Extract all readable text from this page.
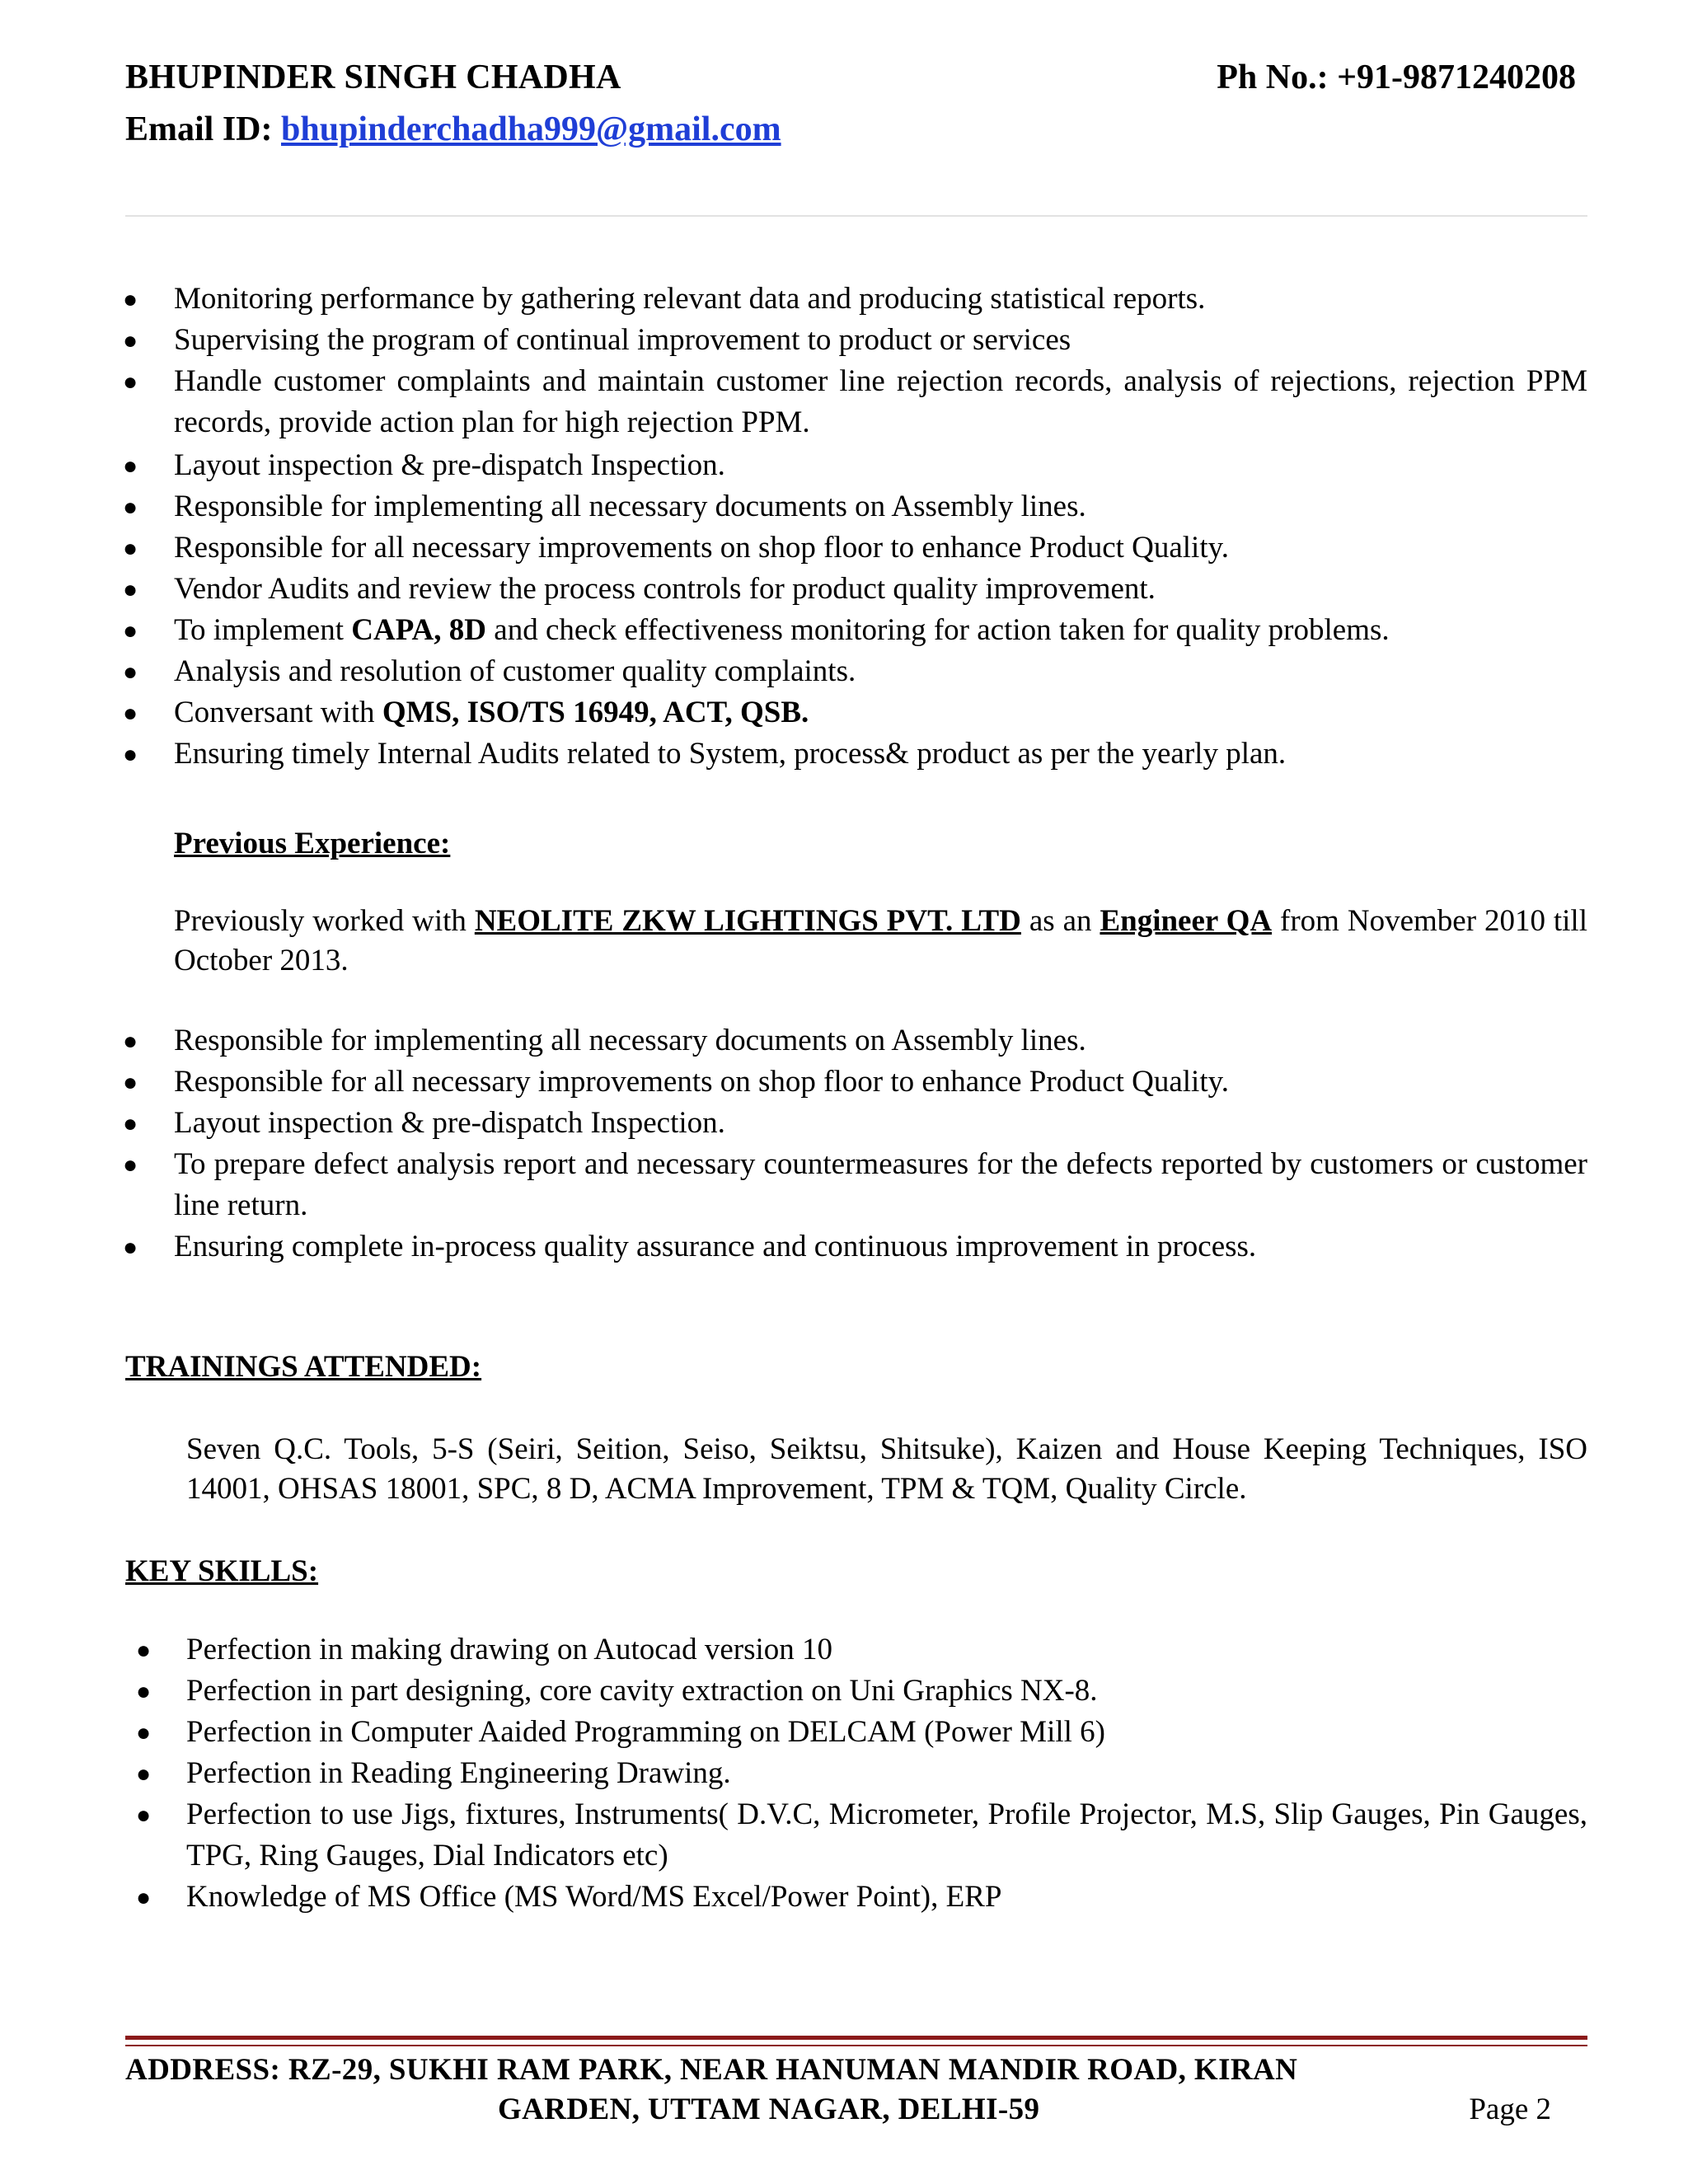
BHUPINDER SINGH CHADHA	Ph No.: +91-9871240208
Email ID: bhupinderchadha999@gmail.com
● Monitoring performance by gathering relevant data and producing statistical reports.
● Supervising the program of continual improvement to product or services
● Handle customer complaints and maintain customer line rejection records, analysis of rejections, rejection PPM records, provide action plan for high rejection PPM.
● Layout inspection & pre-dispatch Inspection.
● Responsible for implementing all necessary documents on Assembly lines.
● Responsible for all necessary improvements on shop floor to enhance Product Quality.
● Vendor Audits and review the process controls for product quality improvement.
● To implement CAPA, 8D and check effectiveness monitoring for action taken for quality problems.
● Analysis and resolution of customer quality complaints.
● Conversant with QMS, ISO/TS 16949, ACT, QSB.
● Ensuring timely Internal Audits related to System, process& product as per the yearly plan.
Previous Experience:
Previously worked with NEOLITE ZKW LIGHTINGS PVT. LTD as an Engineer QA from November 2010 till October 2013.
● Responsible for implementing all necessary documents on Assembly lines.
● Responsible for all necessary improvements on shop floor to enhance Product Quality.
● Layout inspection & pre-dispatch Inspection.
● To prepare defect analysis report and necessary countermeasures for the defects reported by customers or customer line return.
● Ensuring complete in-process quality assurance and continuous improvement in process.
TRAININGS ATTENDED:
Seven Q.C. Tools, 5-S (Seiri, Seition, Seiso, Seiktsu, Shitsuke), Kaizen and House Keeping Techniques, ISO 14001, OHSAS 18001, SPC, 8 D, ACMA Improvement, TPM & TQM, Quality Circle.
KEY SKILLS:
● Perfection in making drawing on Autocad version 10
● Perfection in part designing, core cavity extraction on Uni Graphics NX-8.
● Perfection in Computer Aaided Programming on DELCAM (Power Mill 6)
● Perfection in Reading Engineering Drawing.
● Perfection to use Jigs, fixtures, Instruments( D.V.C, Micrometer, Profile Projector, M.S, Slip Gauges, Pin Gauges, TPG, Ring Gauges, Dial Indicators etc)
● Knowledge of MS Office (MS Word/MS Excel/Power Point), ERP
ADDRESS: RZ-29, SUKHI RAM PARK, NEAR HANUMAN MANDIR ROAD, KIRAN
GARDEN, UTTAM NAGAR, DELHI-59	Page 2
